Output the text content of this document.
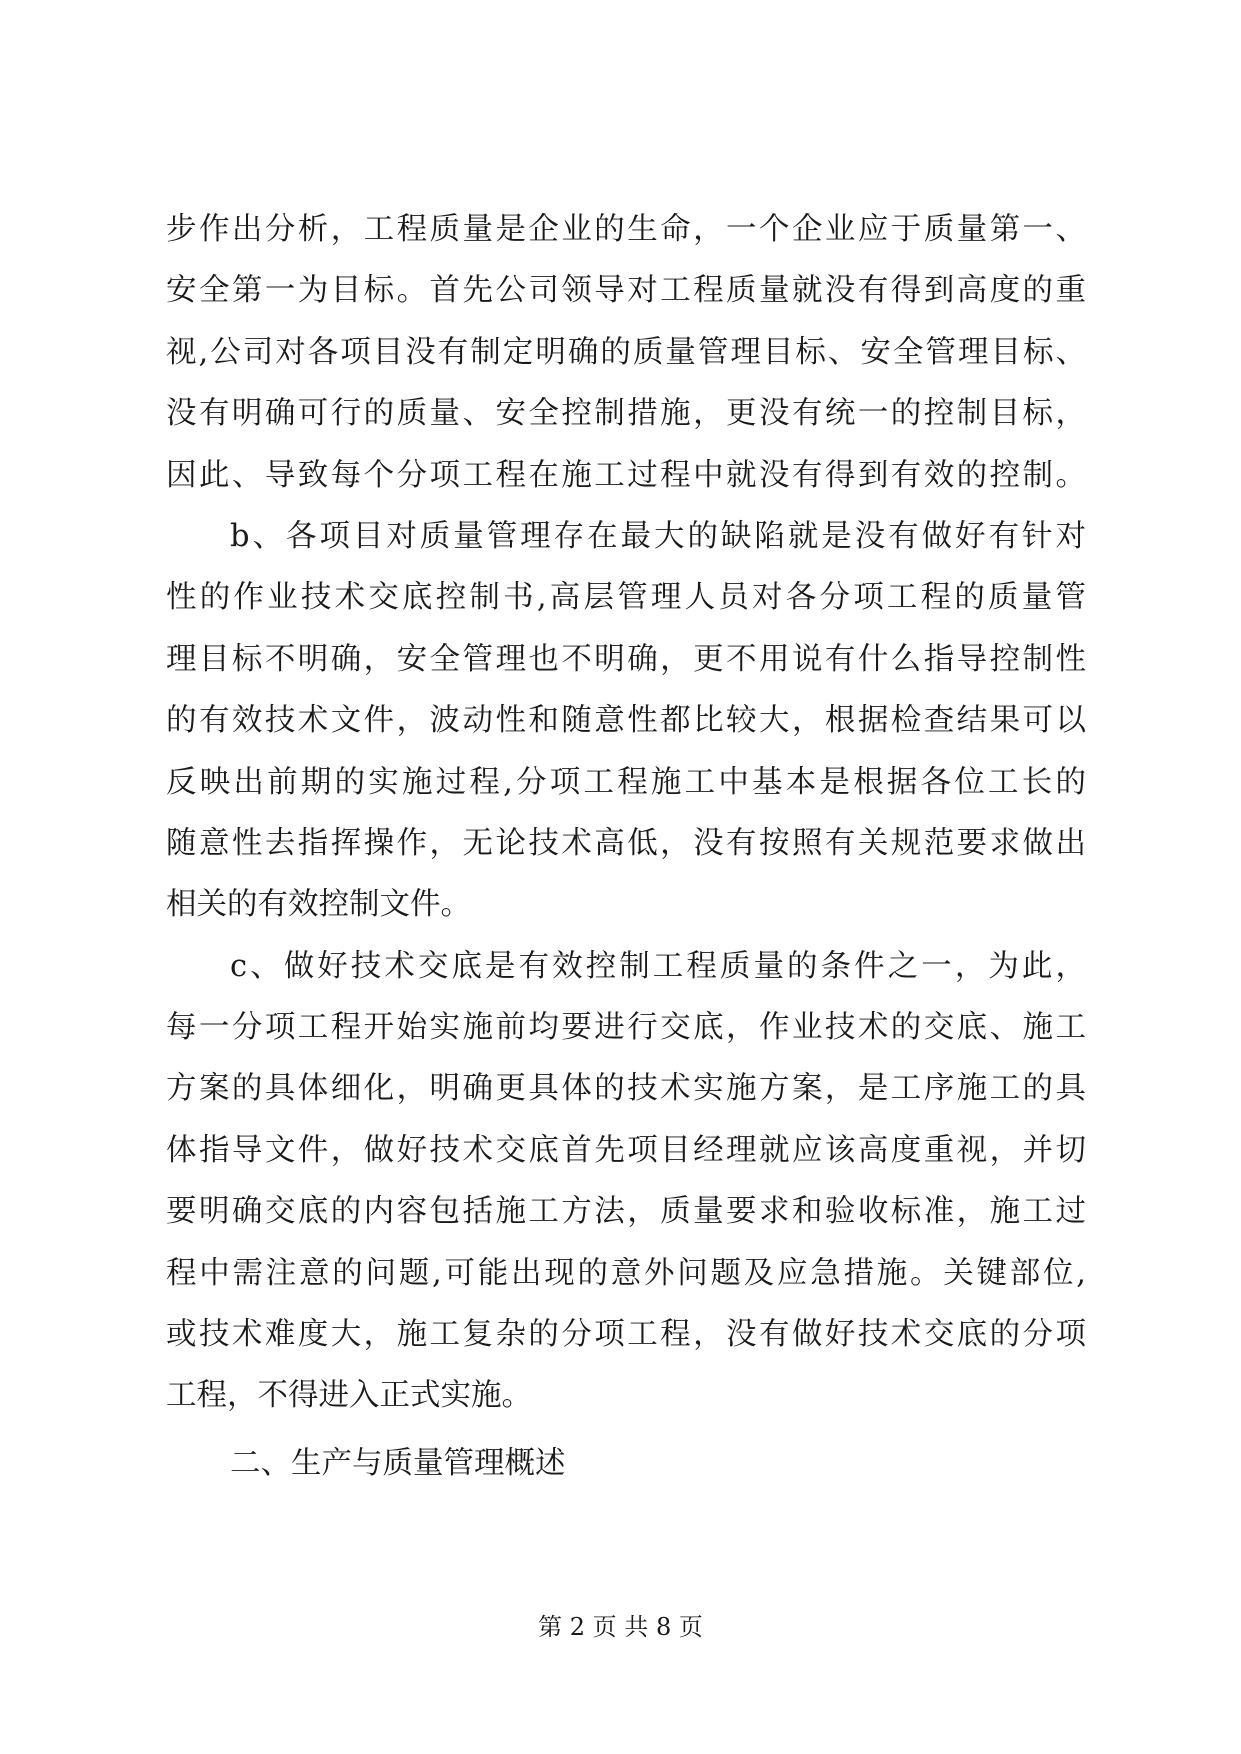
步作出分析，工程质量是企业的生命，一个企业应于质量第一、
安全第一为目标。首先公司领导对工程质量就没有得到高度的重
视,公司对各项目没有制定明确的质量管理目标、安全管理目标、
没有明确可行的质量、安全控制措施，更没有统一的控制目标，
因此、导致每个分项工程在施工过程中就没有得到有效的控制。
b、各项目对质量管理存在最大的缺陷就是没有做好有针对
性的作业技术交底控制书,高层管理人员对各分项工程的质量管
理目标不明确，安全管理也不明确，更不用说有什么指导控制性
的有效技术文件，波动性和随意性都比较大，根据检查结果可以
反映出前期的实施过程,分项工程施工中基本是根据各位工长的
随意性去指挥操作，无论技术高低，没有按照有关规范要求做出
相关的有效控制文件。
c、做好技术交底是有效控制工程质量的条件之一，为此，
每一分项工程开始实施前均要进行交底，作业技术的交底、施工
方案的具体细化，明确更具体的技术实施方案，是工序施工的具
体指导文件，做好技术交底首先项目经理就应该高度重视，并切
要明确交底的内容包括施工方法，质量要求和验收标准，施工过
程中需注意的问题,可能出现的意外问题及应急措施。关键部位,
或技术难度大，施工复杂的分项工程，没有做好技术交底的分项
工程，不得进入正式实施。
二、生产与质量管理概述
第 2 页 共 8 页
